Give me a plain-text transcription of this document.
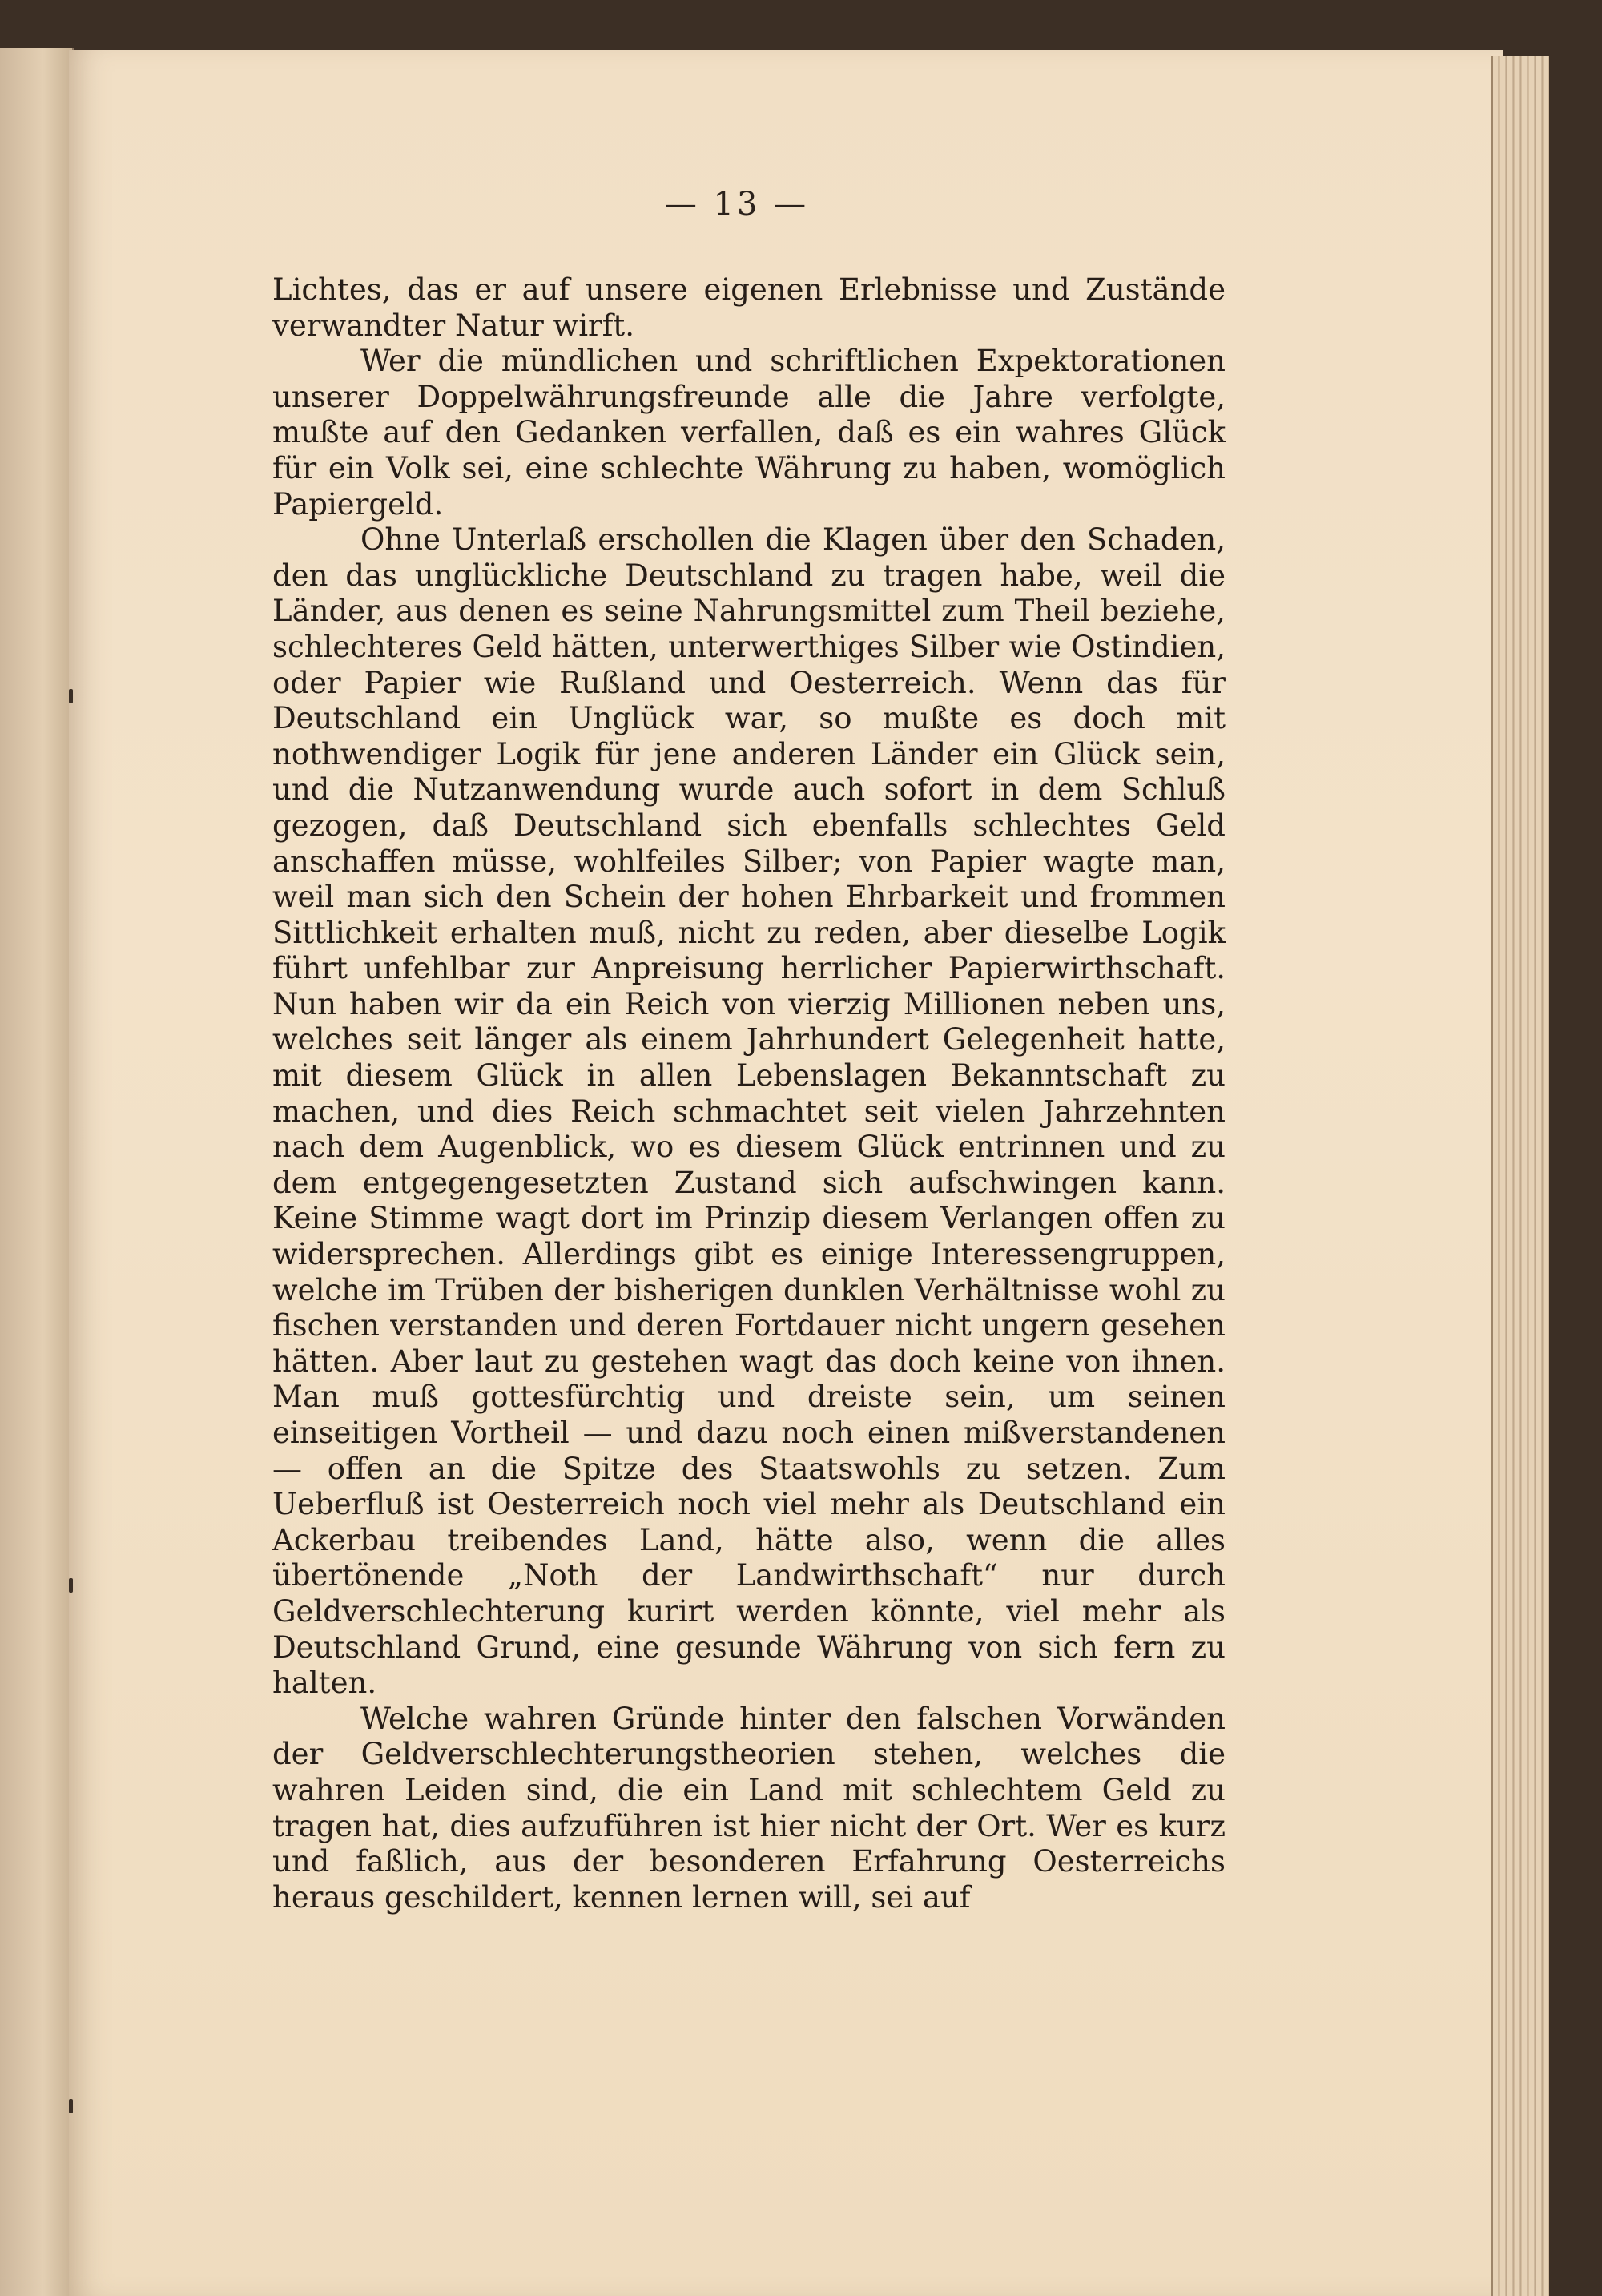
— 13 —

Lichtes, das er auf unsere eigenen Erlebnisse und Zustände verwandter Natur wirft.

Wer die mündlichen und schriftlichen Expektorationen unserer Doppelwährungsfreunde alle die Jahre verfolgte, mußte auf den Gedanken verfallen, daß es ein wahres Glück für ein Volk sei, eine schlechte Währung zu haben, womöglich Papiergeld.

Ohne Unterlaß erschollen die Klagen über den Schaden, den das unglückliche Deutschland zu tragen habe, weil die Länder, aus denen es seine Nahrungsmittel zum Theil beziehe, schlechteres Geld hätten, unterwerthiges Silber wie Ostindien, oder Papier wie Rußland und Oesterreich. Wenn das für Deutschland ein Unglück war, so mußte es doch mit nothwendiger Logik für jene anderen Länder ein Glück sein, und die Nutzanwendung wurde auch sofort in dem Schluß gezogen, daß Deutschland sich ebenfalls schlechtes Geld anschaffen müsse, wohlfeiles Silber; von Papier wagte man, weil man sich den Schein der hohen Ehrbarkeit und frommen Sittlichkeit erhalten muß, nicht zu reden, aber dieselbe Logik führt unfehlbar zur Anpreisung herrlicher Papierwirthschaft. Nun haben wir da ein Reich von vierzig Millionen neben uns, welches seit länger als einem Jahrhundert Gelegenheit hatte, mit diesem Glück in allen Lebenslagen Bekanntschaft zu machen, und dies Reich schmachtet seit vielen Jahrzehnten nach dem Augenblick, wo es diesem Glück entrinnen und zu dem entgegengesetzten Zustand sich aufschwingen kann. Keine Stimme wagt dort im Prinzip diesem Verlangen offen zu widersprechen. Allerdings gibt es einige Interessengruppen, welche im Trüben der bisherigen dunklen Verhältnisse wohl zu fischen verstanden und deren Fortdauer nicht ungern gesehen hätten. Aber laut zu gestehen wagt das doch keine von ihnen. Man muß gottesfürchtig und dreiste sein, um seinen einseitigen Vortheil — und dazu noch einen mißverstandenen — offen an die Spitze des Staatswohls zu setzen. Zum Ueberfluß ist Oesterreich noch viel mehr als Deutschland ein Ackerbau treibendes Land, hätte also, wenn die alles übertönende „Noth der Landwirthschaft“ nur durch Geldverschlechterung kurirt werden könnte, viel mehr als Deutschland Grund, eine gesunde Währung von sich fern zu halten.

Welche wahren Gründe hinter den falschen Vorwänden der Geldverschlechterungstheorien stehen, welches die wahren Leiden sind, die ein Land mit schlechtem Geld zu tragen hat, dies aufzuführen ist hier nicht der Ort. Wer es kurz und faßlich, aus der besonderen Erfahrung Oesterreichs heraus geschildert, kennen lernen will, sei auf
